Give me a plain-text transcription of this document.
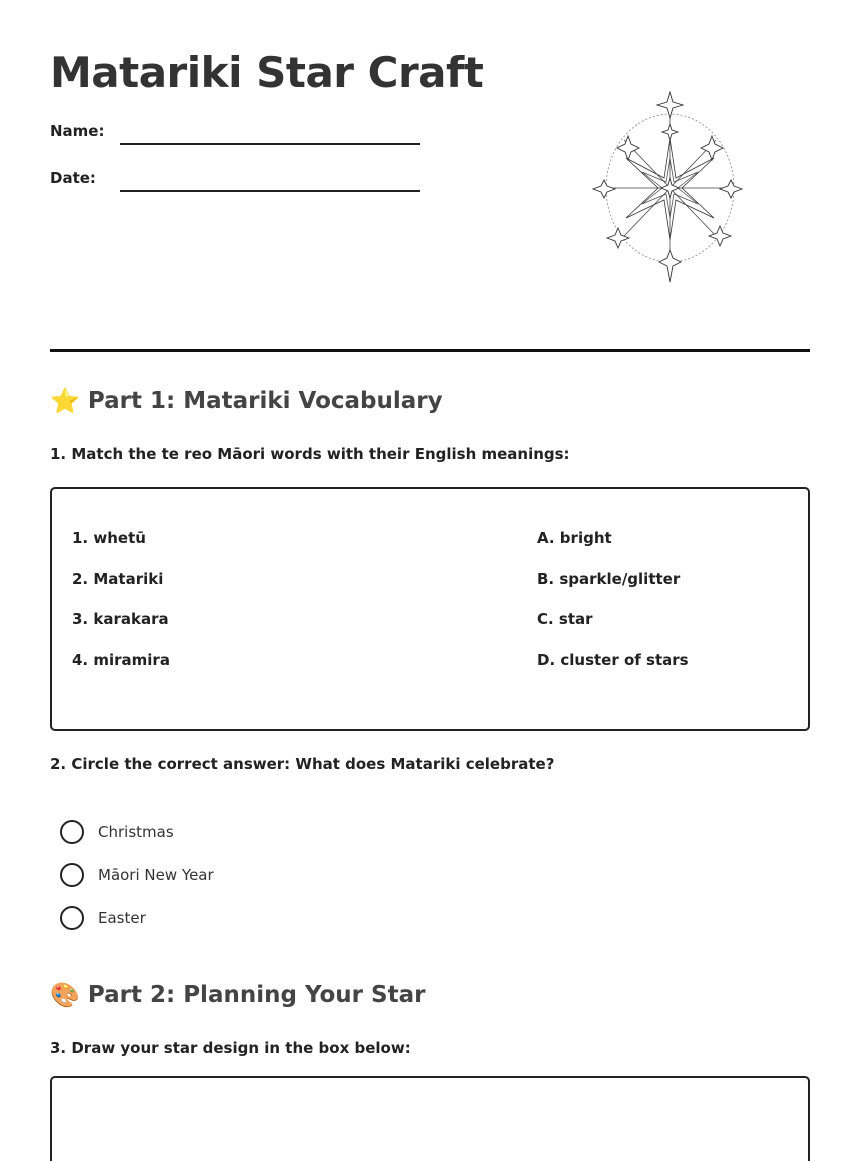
Matariki Star Craft
Name:
Date:
⭐ Part 1: Matariki Vocabulary
1. Match the te reo Māori words with their English meanings:
1. whetū
2. Matariki
3. karakara
4. miramira
A. bright
B. sparkle/glitter
C. star
D. cluster of stars
2. Circle the correct answer: What does Matariki celebrate?
Christmas
Māori New Year
Easter
🎨 Part 2: Planning Your Star
3. Draw your star design in the box below:
